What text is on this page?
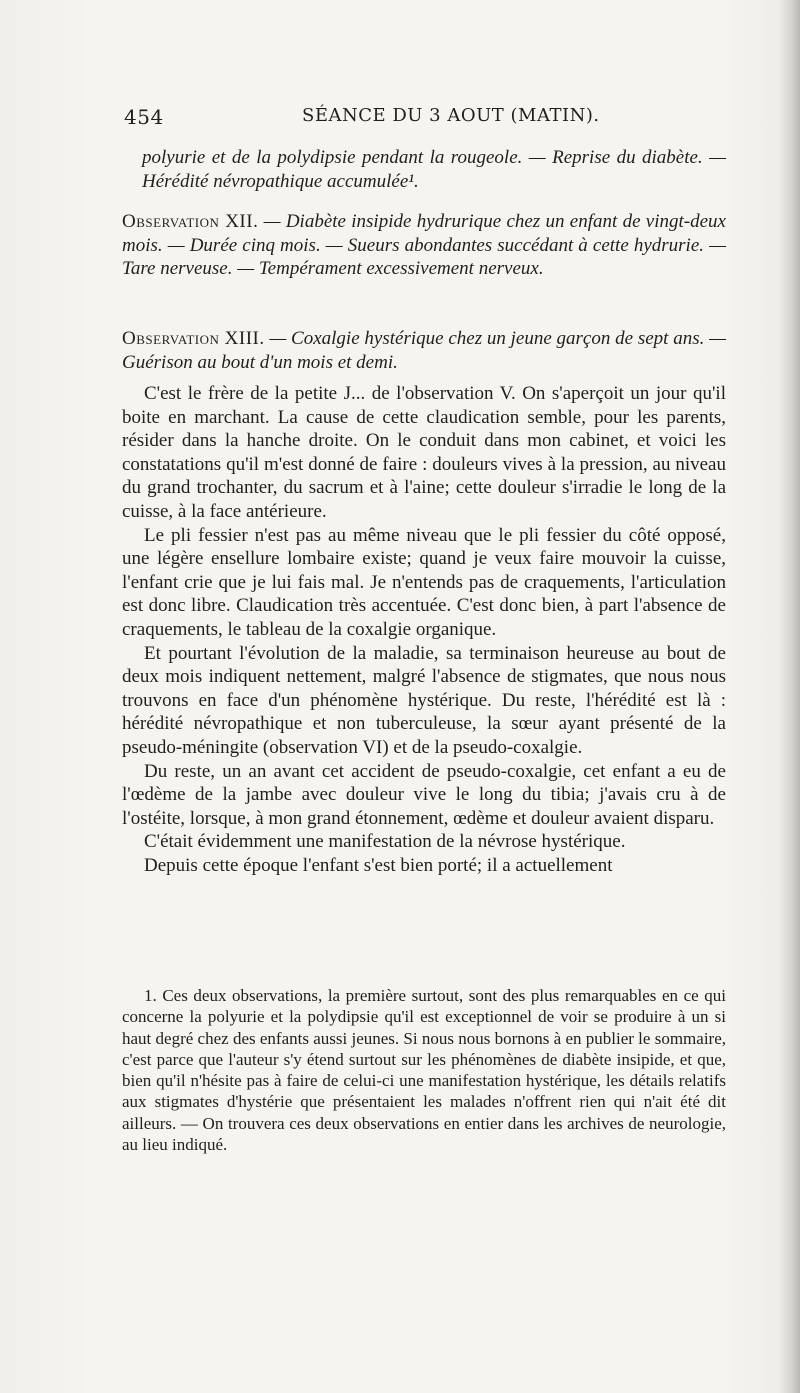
454	SÉANCE DU 3 AOUT (MATIN).
polyurie et de la polydipsie pendant la rougeole. — Reprise du diabète. — Hérédité névropathique accumulée¹.
Observation XII. — Diabète insipide hydrurique chez un enfant de vingt-deux mois. — Durée cinq mois. — Sueurs abondantes succédant à cette hydrurie. — Tare nerveuse. — Tempérament excessivement nerveux.
Observation XIII. — Coxalgie hystérique chez un jeune garçon de sept ans. — Guérison au bout d'un mois et demi.

C'est le frère de la petite J... de l'observation V. On s'aperçoit un jour qu'il boite en marchant. La cause de cette claudication semble, pour les parents, résider dans la hanche droite. On le conduit dans mon cabinet, et voici les constatations qu'il m'est donné de faire : douleurs vives à la pression, au niveau du grand trochanter, du sacrum et à l'aine; cette douleur s'irradie le long de la cuisse, à la face antérieure.

Le pli fessier n'est pas au même niveau que le pli fessier du côté opposé, une légère ensellure lombaire existe; quand je veux faire mouvoir la cuisse, l'enfant crie que je lui fais mal. Je n'entends pas de craquements, l'articulation est donc libre. Claudication très accentuée. C'est donc bien, à part l'absence de craquements, le tableau de la coxalgie organique.

Et pourtant l'évolution de la maladie, sa terminaison heureuse au bout de deux mois indiquent nettement, malgré l'absence de stigmates, que nous nous trouvons en face d'un phénomène hystérique. Du reste, l'hérédité est là : hérédité névropathique et non tuberculeuse, la sœur ayant présenté de la pseudo-méningite (observation VI) et de la pseudo-coxalgie.

Du reste, un an avant cet accident de pseudo-coxalgie, cet enfant a eu de l'œdème de la jambe avec douleur vive le long du tibia; j'avais cru à de l'ostéite, lorsque, à mon grand étonnement, œdème et douleur avaient disparu.

C'était évidemment une manifestation de la névrose hystérique.

Depuis cette époque l'enfant s'est bien porté; il a actuellement

1. Ces deux observations, la première surtout, sont des plus remarquables en ce qui concerne la polyurie et la polydipsie qu'il est exceptionnel de voir se produire à un si haut degré chez des enfants aussi jeunes. Si nous nous bornons à en publier le sommaire, c'est parce que l'auteur s'y étend surtout sur les phénomènes de diabète insipide, et que, bien qu'il n'hésite pas à faire de celui-ci une manifestation hystérique, les détails relatifs aux stigmates d'hystérie que présentaient les malades n'offrent rien qui n'ait été dit ailleurs. — On trouvera ces deux observations en entier dans les archives de neurologie, au lieu indiqué.
